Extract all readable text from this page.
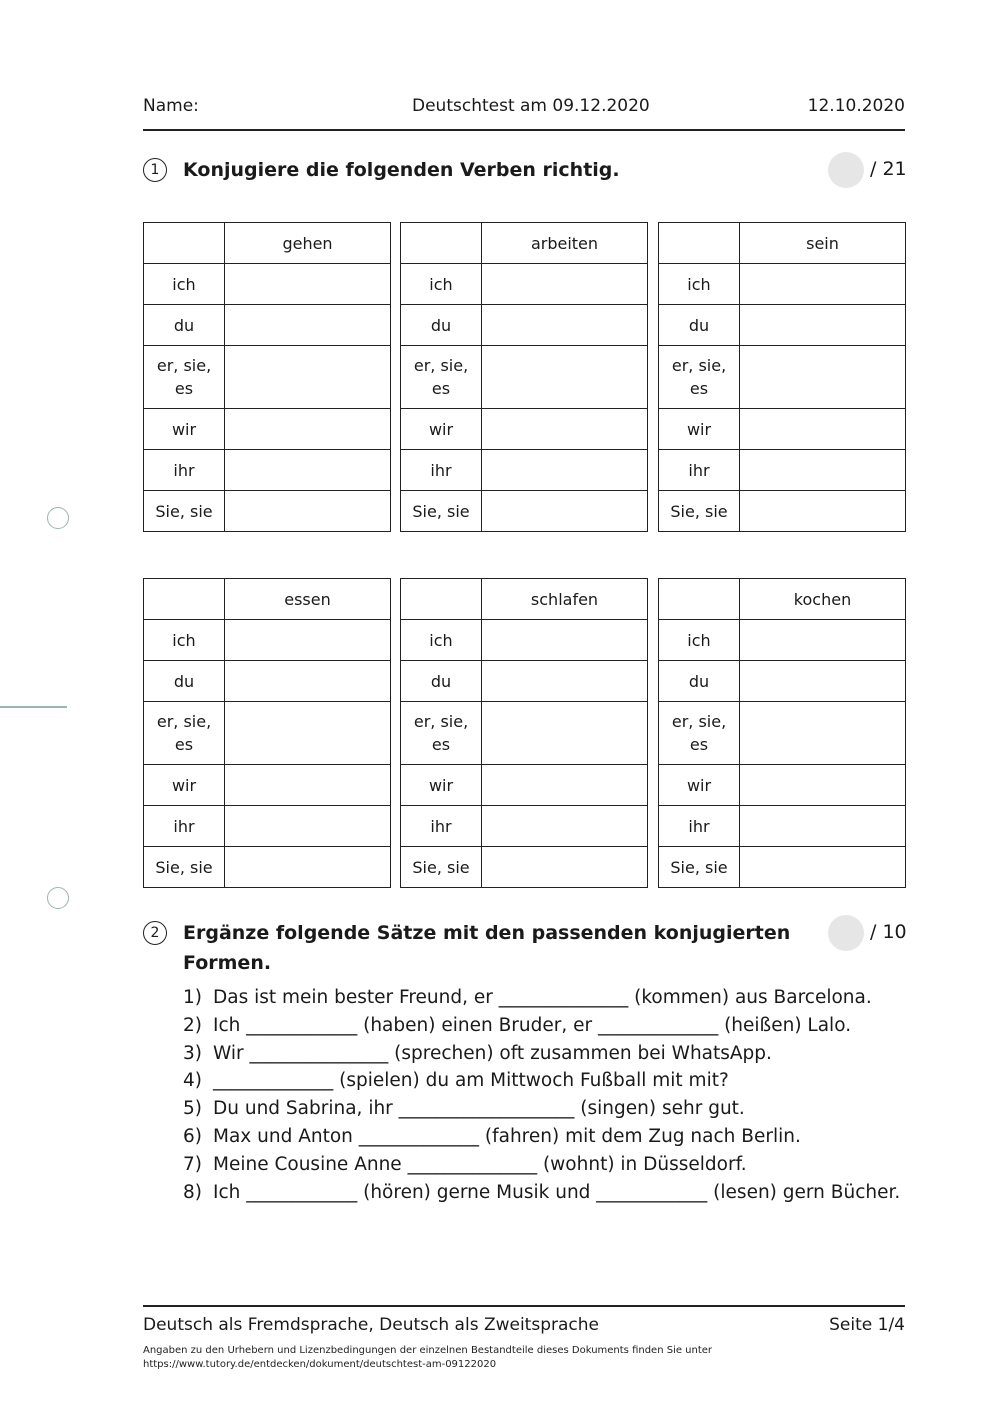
Name:	Deutschtest am 09.12.2020	12.10.2020
1	Konjugiere die folgenden Verben richtig.	/ 21
	gehen

ich	

du	

er, sie,
es	

wir	

ihr	

Sie, sie	

	arbeiten

ich	

du	

er, sie,
es	

wir	

ihr	

Sie, sie	

	sein

ich	

du	

er, sie,
es	

wir	

ihr	

Sie, sie	

	essen

ich	

du	

er, sie,
es	

wir	

ihr	

Sie, sie	

	schlafen

ich	

du	

er, sie,
es	

wir	

ihr	

Sie, sie	

	kochen

ich	

du	

er, sie,
es	

wir	

ihr	

Sie, sie	

2	Ergänze folgende Sätze mit den passenden konjugierten
Formen.
/ 10
1) Das ist mein bester Freund, er ______________ (kommen) aus Barcelona.
2) Ich ____________ (haben) einen Bruder, er _____________ (heißen) Lalo.
3) Wir _______________ (sprechen) oft zusammen bei WhatsApp.
4) _____________ (spielen) du am Mittwoch Fußball mit mit?
5) Du und Sabrina, ihr ___________________ (singen) sehr gut.
6) Max und Anton _____________ (fahren) mit dem Zug nach Berlin.
7) Meine Cousine Anne ______________ (wohnt) in Düsseldorf.
8) Ich ____________ (hören) gerne Musik und ____________ (lesen) gern Bücher.
Deutsch als Fremdsprache, Deutsch als Zweitsprache	Seite 1/4
Angaben zu den Urhebern und Lizenzbedingungen der einzelnen Bestandteile dieses Dokuments finden Sie unter
https://www.tutory.de/entdecken/dokument/deutschtest-am-09122020
